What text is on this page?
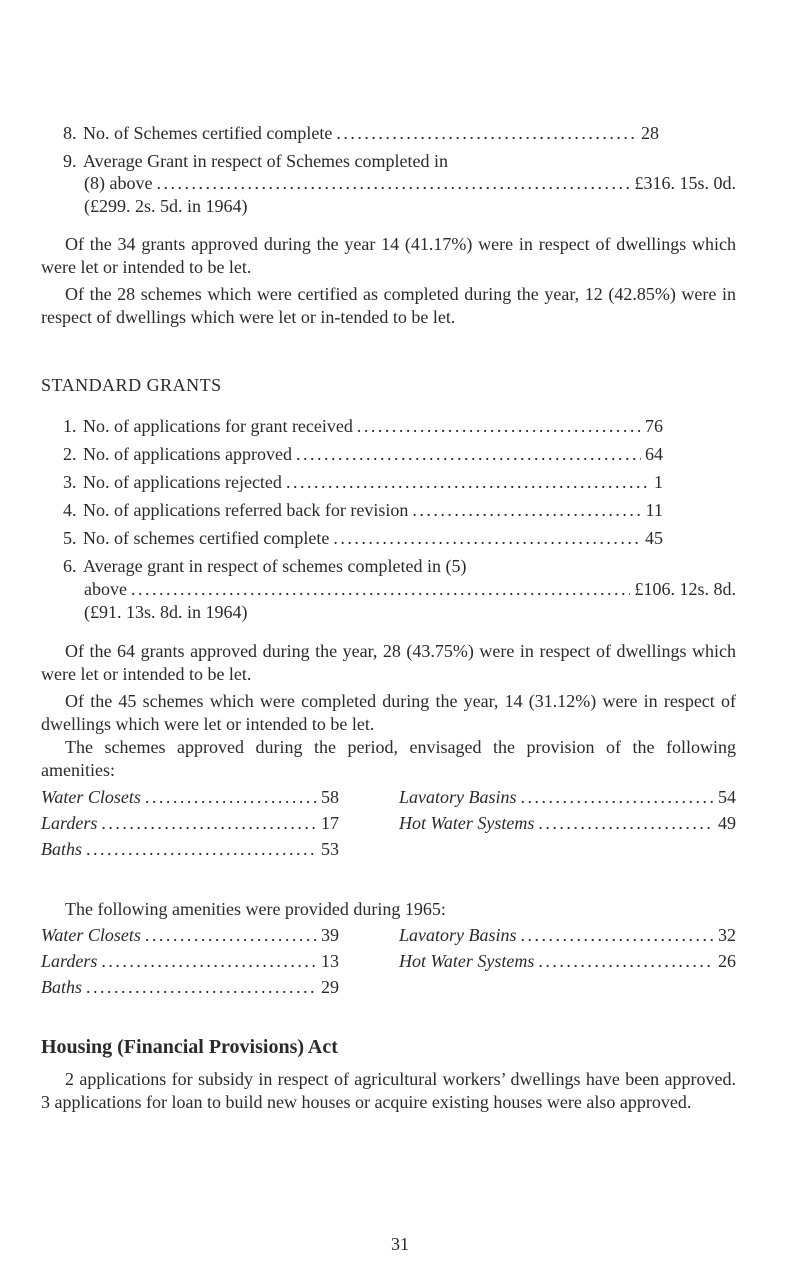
8. No. of Schemes certified complete . . .	28
9. Average Grant in respect of Schemes completed in
(8) above . . .	£316. 15s. 0d.
(£299. 2s. 5d. in 1964)
Of the 34 grants approved during the year 14 (41.17%) were in respect of dwellings which were let or intended to be let.
Of the 28 schemes which were certified as completed during the year, 12 (42.85%) were in respect of dwellings which were let or in-tended to be let.
STANDARD GRANTS
1. No. of applications for grant received . . .	76
2. No. of applications approved . . .	64
3. No. of applications rejected . . .	1
4. No. of applications referred back for revision . . .	11
5. No. of schemes certified complete . . .	45
6. Average grant in respect of schemes completed in (5)
above . . .	£106. 12s. 8d.
(£91. 13s. 8d. in 1964)
Of the 64 grants approved during the year, 28 (43.75%) were in respect of dwellings which were let or intended to be let.
Of the 45 schemes which were completed during the year, 14 (31.12%) were in respect of dwellings which were let or intended to be let.
The schemes approved during the period, envisaged the provision of the following amenities:
Water Closets . . .	58	Lavatory Basins . . .	54
Larders . . .	17	Hot Water Systems . . .	49
Baths . . .	53
The following amenities were provided during 1965:
Water Closets . . .	39	Lavatory Basins . . .	32
Larders . . .	13	Hot Water Systems . . .	26
Baths . . .	29
Housing (Financial Provisions) Act
2 applications for subsidy in respect of agricultural workers’ dwellings have been approved. 3 applications for loan to build new houses or acquire existing houses were also approved.
31
